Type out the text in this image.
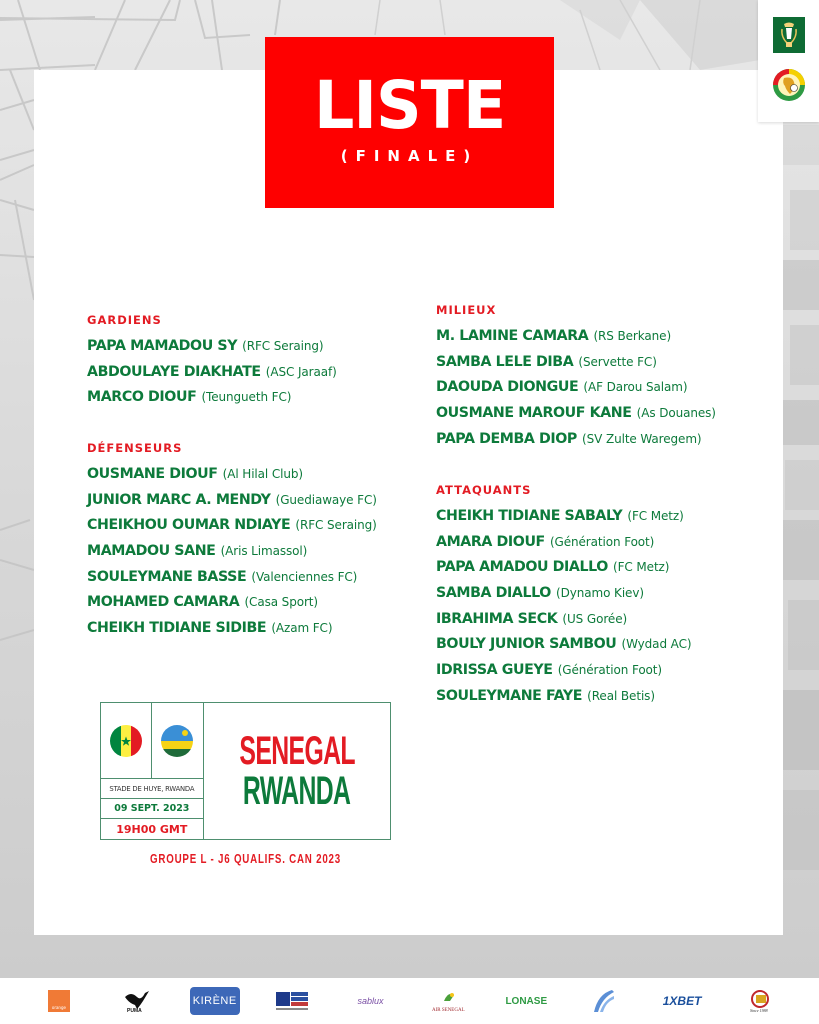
LISTE
(FINALE)
GARDIENS
PAPA MAMADOU SY (RFC Seraing)
ABDOULAYE DIAKHATE (ASC Jaraaf)
MARCO DIOUF (Teungueth FC)
DÉFENSEURS
OUSMANE DIOUF (Al Hilal Club)
JUNIOR MARC A. MENDY (Guediawaye FC)
CHEIKHOU OUMAR NDIAYE (RFC Seraing)
MAMADOU SANE (Aris Limassol)
SOULEYMANE BASSE (Valenciennes FC)
MOHAMED CAMARA (Casa Sport)
CHEIKH TIDIANE SIDIBE (Azam FC)
MILIEUX
M. LAMINE CAMARA (RS Berkane)
SAMBA LELE DIBA (Servette FC)
DAOUDA DIONGUE (AF Darou Salam)
OUSMANE MAROUF KANE (As Douanes)
PAPA DEMBA DIOP (SV Zulte Waregem)
ATTAQUANTS
CHEIKH TIDIANE SABALY (FC Metz)
AMARA DIOUF (Génération Foot)
PAPA AMADOU DIALLO (FC Metz)
SAMBA DIALLO (Dynamo Kiev)
IBRAHIMA SECK (US Gorée)
BOULY JUNIOR SAMBOU (Wydad AC)
IDRISSA GUEYE (Génération Foot)
SOULEYMANE FAYE (Real Betis)
STADE DE HUYE, RWANDA
09 SEPT. 2023
19H00 GMT
SENEGAL
RWANDA
GROUPE L - J6 QUALIFS. CAN 2023
orange
PUMA
KIRÈNE	sablux
AIR SENEGAL
LONASE	1XBET
Since 1988
